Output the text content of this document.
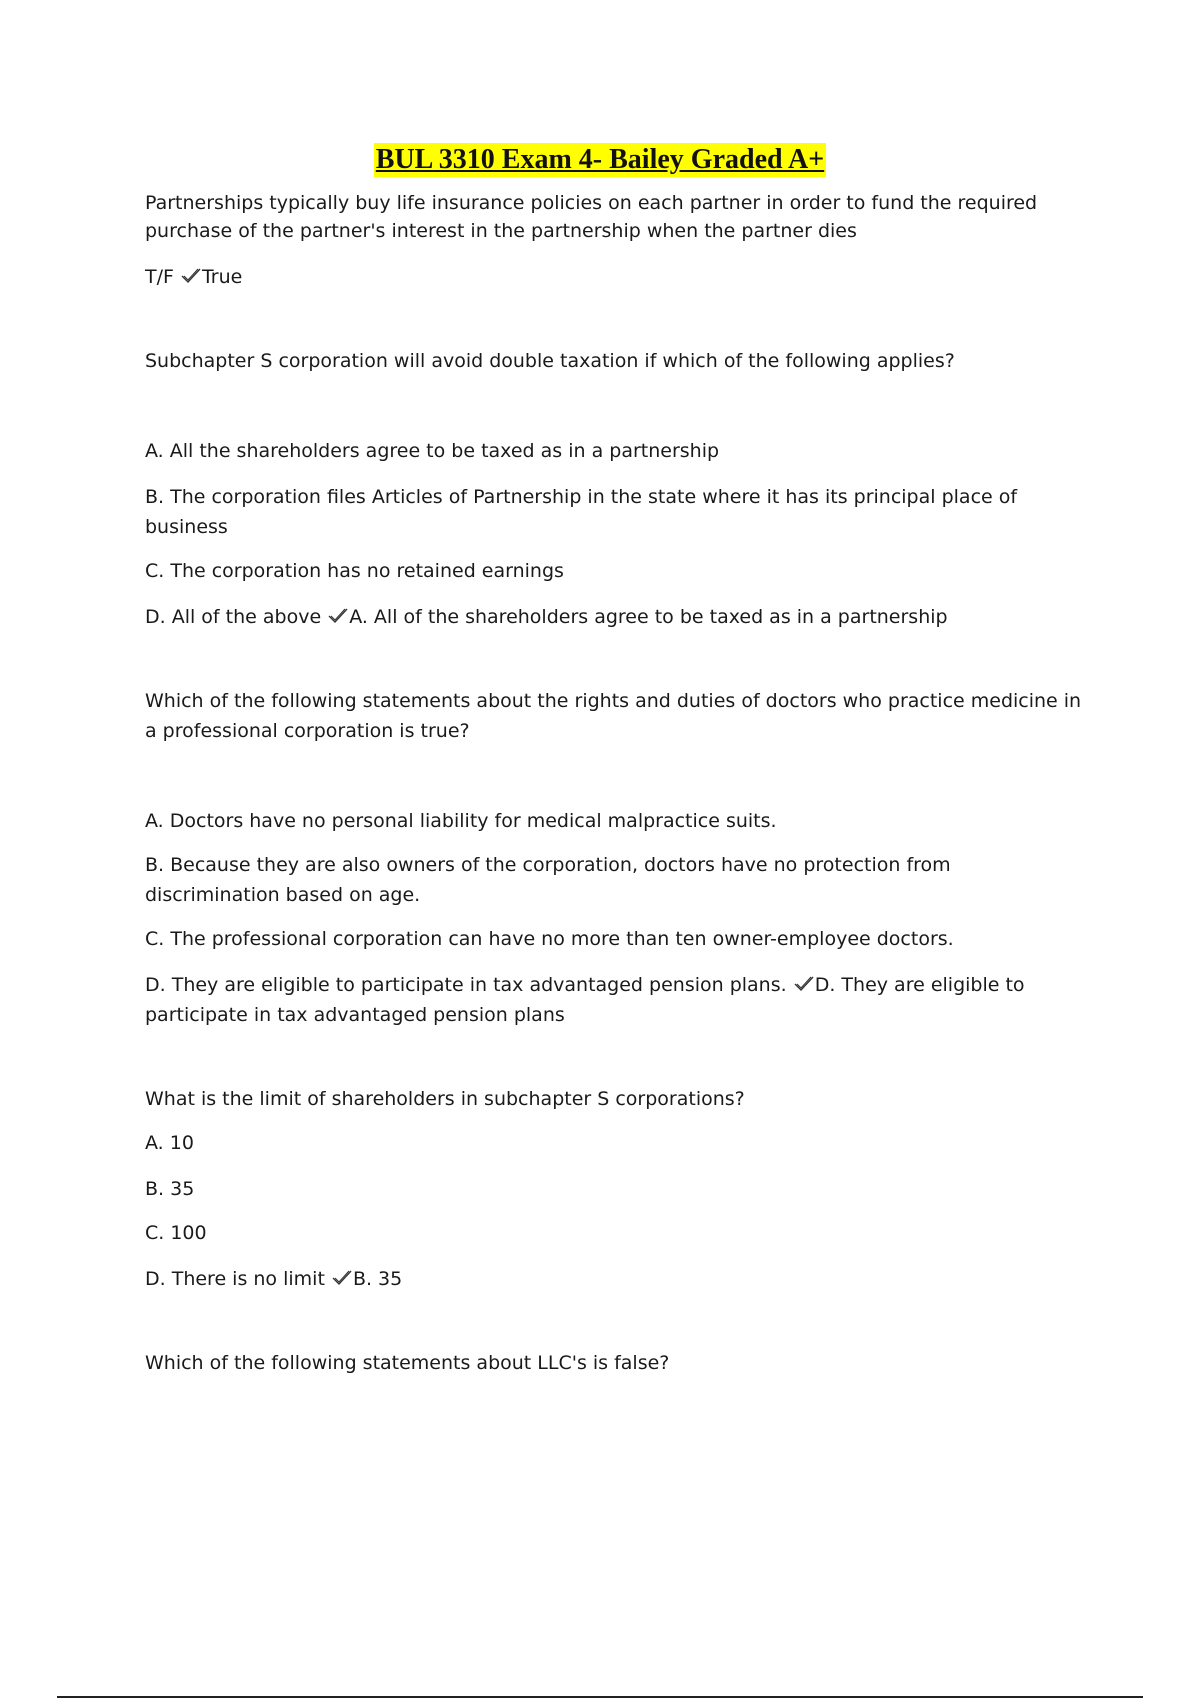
BUL 3310 Exam 4- Bailey Graded A+

Partnerships typically buy life insurance policies on each partner in order to fund the required purchase of the partner's interest in the partnership when the partner dies

T/F True

Subchapter S corporation will avoid double taxation if which of the following applies?

A. All the shareholders agree to be taxed as in a partnership

B. The corporation files Articles of Partnership in the state where it has its principal place of business

C. The corporation has no retained earnings

D. All of the above A. All of the shareholders agree to be taxed as in a partnership

Which of the following statements about the rights and duties of doctors who practice medicine in a professional corporation is true?

A. Doctors have no personal liability for medical malpractice suits.

B. Because they are also owners of the corporation, doctors have no protection from discrimination based on age.

C. The professional corporation can have no more than ten owner-employee doctors.

D. They are eligible to participate in tax advantaged pension plans. D. They are eligible to participate in tax advantaged pension plans

What is the limit of shareholders in subchapter S corporations?

A. 10

B. 35

C. 100

D. There is no limit B. 35

Which of the following statements about LLC's is false?
